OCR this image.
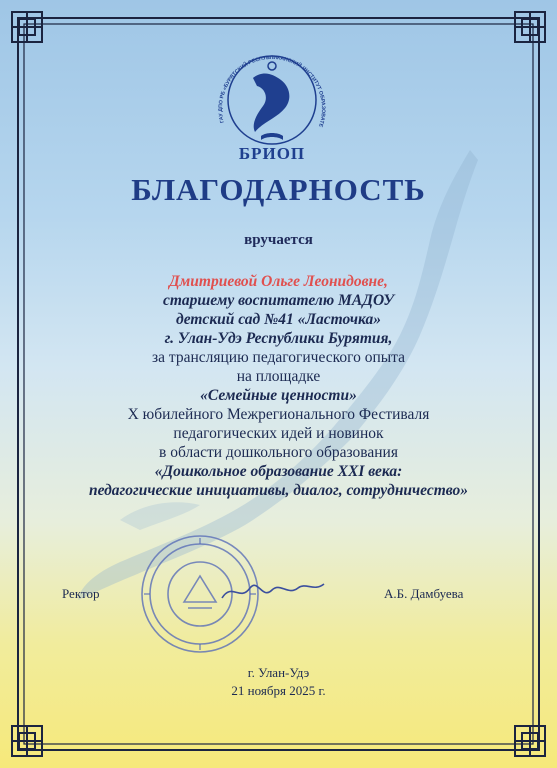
ГАУ ДПО РБ «БУРЯТСКИЙ РЕСПУБЛИКАНСКИЙ ИНСТИТУТ ОБРАЗОВАТЕ
БРИОП
БЛАГОДАРНОСТЬ
вручается
Дмитриевой Ольге Леонидовне,
старшему воспитателю МАДОУ
детский сад №41 «Ласточка»
г. Улан-Удэ Республики Бурятия,
за трансляцию педагогического опыта
на площадке
«Семейные ценности»
X юбилейного Межрегионального Фестиваля
педагогических идей и новинок
в области дошкольного образования
«Дошкольное образование XXI века:
педагогические инициативы, диалог, сотрудничество»
Ректор	А.Б. Дамбуева
г. Улан-Удэ
21 ноября 2025 г.
